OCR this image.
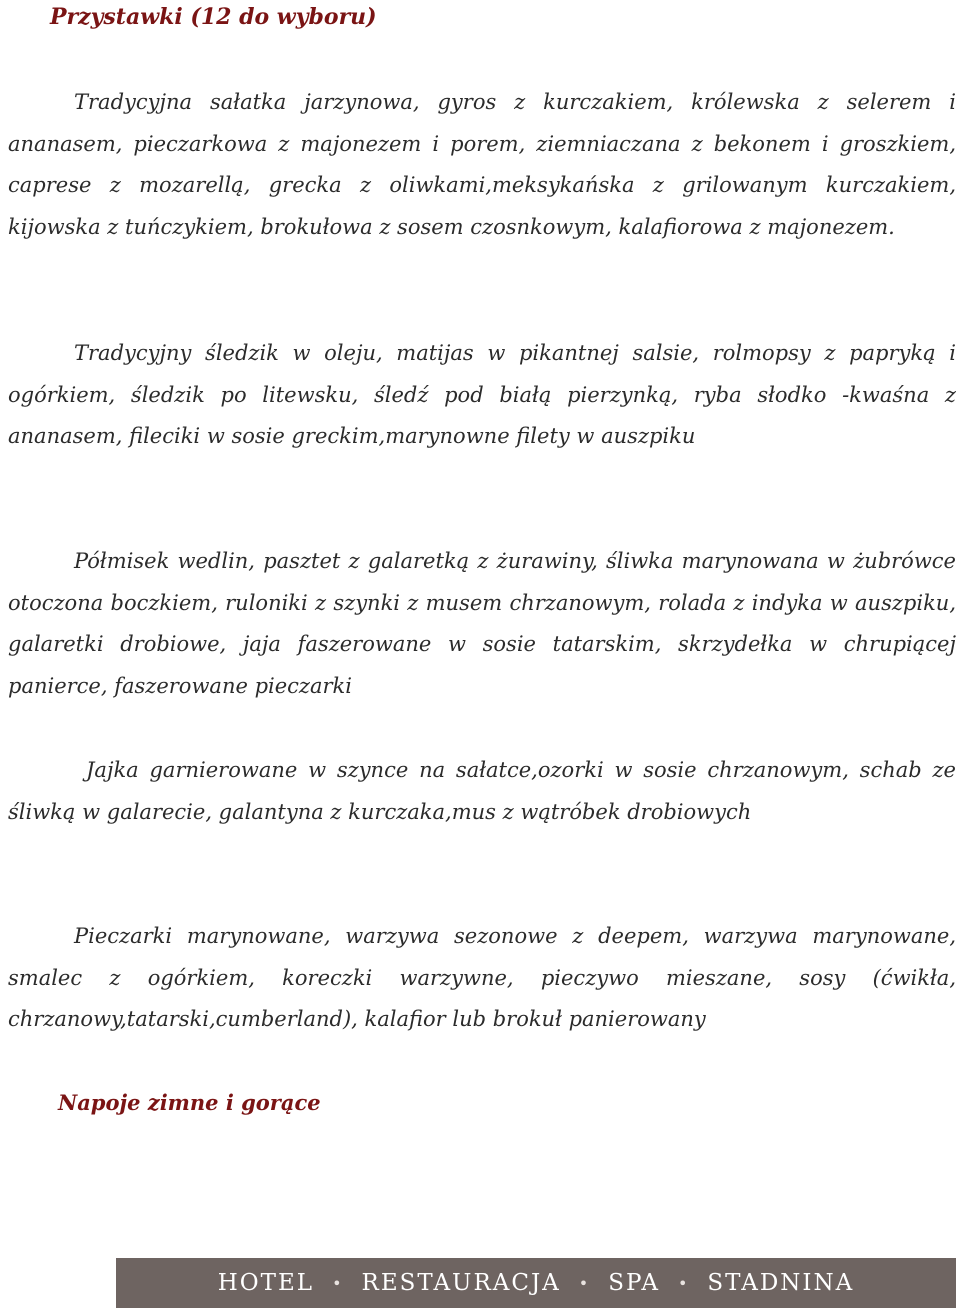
Przystawki (12 do wyboru)

Tradycyjna sałatka jarzynowa, gyros z kurczakiem, królewska z selerem i ananasem, pieczarkowa z majonezem i porem, ziemniaczana z bekonem i groszkiem, caprese z mozarellą, grecka z oliwkami,meksykańska z grilowanym kurczakiem, kijowska z tuńczykiem, brokułowa z sosem czosnkowym, kalafiorowa z majonezem.

Tradycyjny śledzik w oleju, matijas w pikantnej salsie, rolmopsy z papryką i ogórkiem, śledzik po litewsku, śledź pod białą pierzynką, ryba słodko -kwaśna z ananasem, fileciki w sosie greckim,marynowne filety w auszpiku

Półmisek wedlin, pasztet z galaretką z żurawiny, śliwka marynowana w żubrówce otoczona boczkiem, ruloniki z szynki z musem chrzanowym, rolada z indyka w auszpiku, galaretki drobiowe, jaja faszerowane w sosie tatarskim, skrzydełka w chrupiącej panierce, faszerowane pieczarki

Jajka garnierowane w szynce na sałatce,ozorki w sosie chrzanowym, schab ze śliwką w galarecie, galantyna z kurczaka,mus z wątróbek drobiowych

Pieczarki marynowane, warzywa sezonowe z deepem, warzywa marynowane, smalec z ogórkiem, koreczki warzywne, pieczywo mieszane, sosy (ćwikła, chrzanowy,tatarski,cumberland), kalafior lub brokuł panierowany

Napoje zimne i gorące
HOTEL	• RESTAURACJA	• SPA	• STADNINA
